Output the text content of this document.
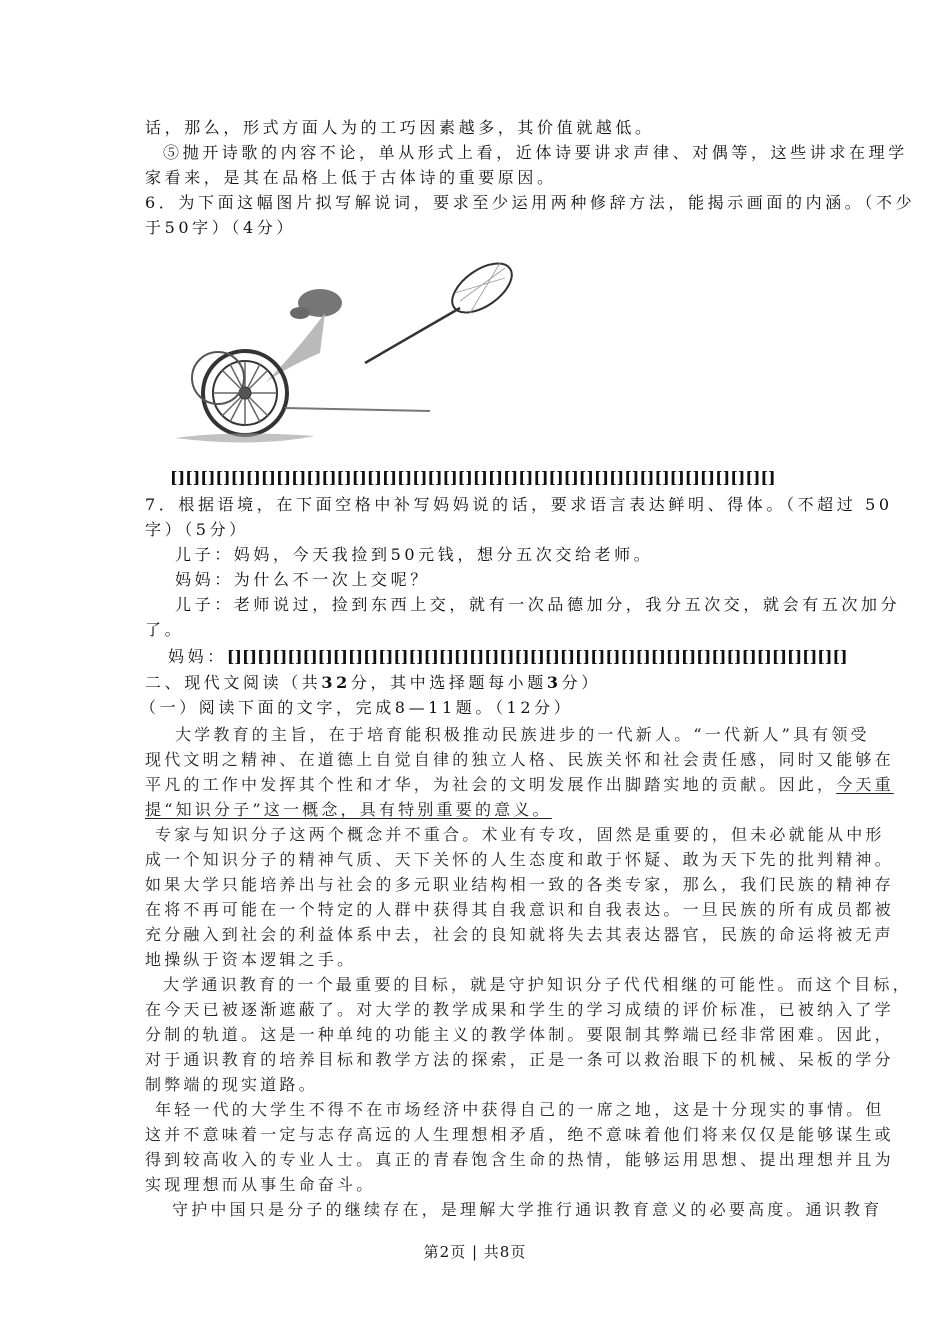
话，那么，形式方面人为的工巧因素越多，其价值就越低。
⑤抛开诗歌的内容不论，单从形式上看，近体诗要讲求声律、对偶等，这些讲求在理学
家看来，是其在品格上低于古体诗的重要原因。
6．为下面这幅图片拟写解说词，要求至少运用两种修辞方法，能揭示画面的内涵。（不少
于50字）（4分）
[][][][][][][][][][][][][][][][][][][][][][][][][][][][][][][][][][][][][][][][]
7．根据语境，在下面空格中补写妈妈说的话，要求语言表达鲜明、得体。（不超过 50
字）（5分）
儿子：妈妈，今天我捡到50元钱，想分五次交给老师。
妈妈：为什么不一次上交呢？
儿子：老师说过，捡到东西上交，就有一次品德加分，我分五次交，就会有五次加分
了。
妈妈：[][][][][][][][][][][][][][][][][][][][][][][][][][][][][][][][][][][][][][][][][]
二、现代文阅读（共32分，其中选择题每小题3分）
（一）阅读下面的文字，完成8—11题。（12分）
大学教育的主旨，在于培育能积极推动民族进步的一代新人。“一代新人”具有领受
现代文明之精神、在道德上自觉自律的独立人格、民族关怀和社会责任感，同时又能够在
平凡的工作中发挥其个性和才华，为社会的文明发展作出脚踏实地的贡献。因此，今天重
提“知识分子”这一概念，具有特别重要的意义。
专家与知识分子这两个概念并不重合。术业有专攻，固然是重要的，但未必就能从中形
成一个知识分子的精神气质、天下关怀的人生态度和敢于怀疑、敢为天下先的批判精神。
如果大学只能培养出与社会的多元职业结构相一致的各类专家，那么，我们民族的精神存
在将不再可能在一个特定的人群中获得其自我意识和自我表达。一旦民族的所有成员都被
充分融入到社会的利益体系中去，社会的良知就将失去其表达器官，民族的命运将被无声
地操纵于资本逻辑之手。
大学通识教育的一个最重要的目标，就是守护知识分子代代相继的可能性。而这个目标，
在今天已被逐渐遮蔽了。对大学的教学成果和学生的学习成绩的评价标准，已被纳入了学
分制的轨道。这是一种单纯的功能主义的教学体制。要限制其弊端已经非常困难。因此，
对于通识教育的培养目标和教学方法的探索，正是一条可以救治眼下的机械、呆板的学分
制弊端的现实道路。
年轻一代的大学生不得不在市场经济中获得自己的一席之地，这是十分现实的事情。但
这并不意味着一定与志存高远的人生理想相矛盾，绝不意味着他们将来仅仅是能够谋生或
得到较高收入的专业人士。真正的青春饱含生命的热情，能够运用思想、提出理想并且为
实现理想而从事生命奋斗。
守护中国只是分子的继续存在，是理解大学推行通识教育意义的必要高度。通识教育
第2页 | 共8页
